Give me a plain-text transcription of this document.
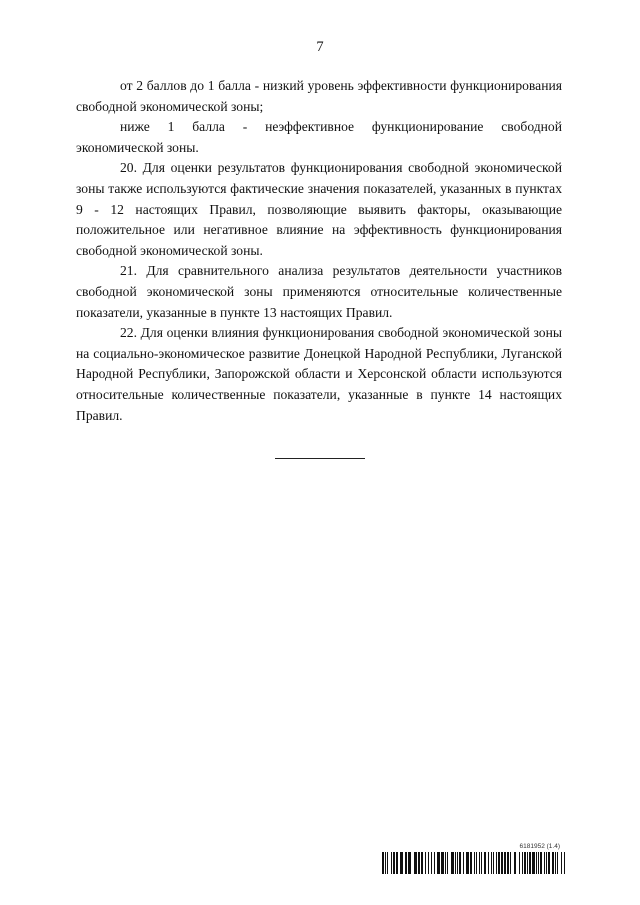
7

от 2 баллов до 1 балла - низкий уровень эффективности функционирования свободной экономической зоны;

ниже 1 балла - неэффективное функционирование свободной экономической зоны.

20. Для оценки результатов функционирования свободной экономической зоны также используются фактические значения показателей, указанных в пунктах 9 - 12 настоящих Правил, позволяющие выявить факторы, оказывающие положительное или негативное влияние на эффективность функционирования свободной экономической зоны.

21. Для сравнительного анализа результатов деятельности участников свободной экономической зоны применяются относительные количественные показатели, указанные в пункте 13 настоящих Правил.

22. Для оценки влияния функционирования свободной экономической зоны на социально-экономическое развитие Донецкой Народной Республики, Луганской Народной Республики, Запорожской области и Херсонской области используются относительные количественные показатели, указанные в пункте 14 настоящих Правил.

6181952 (1.4)
